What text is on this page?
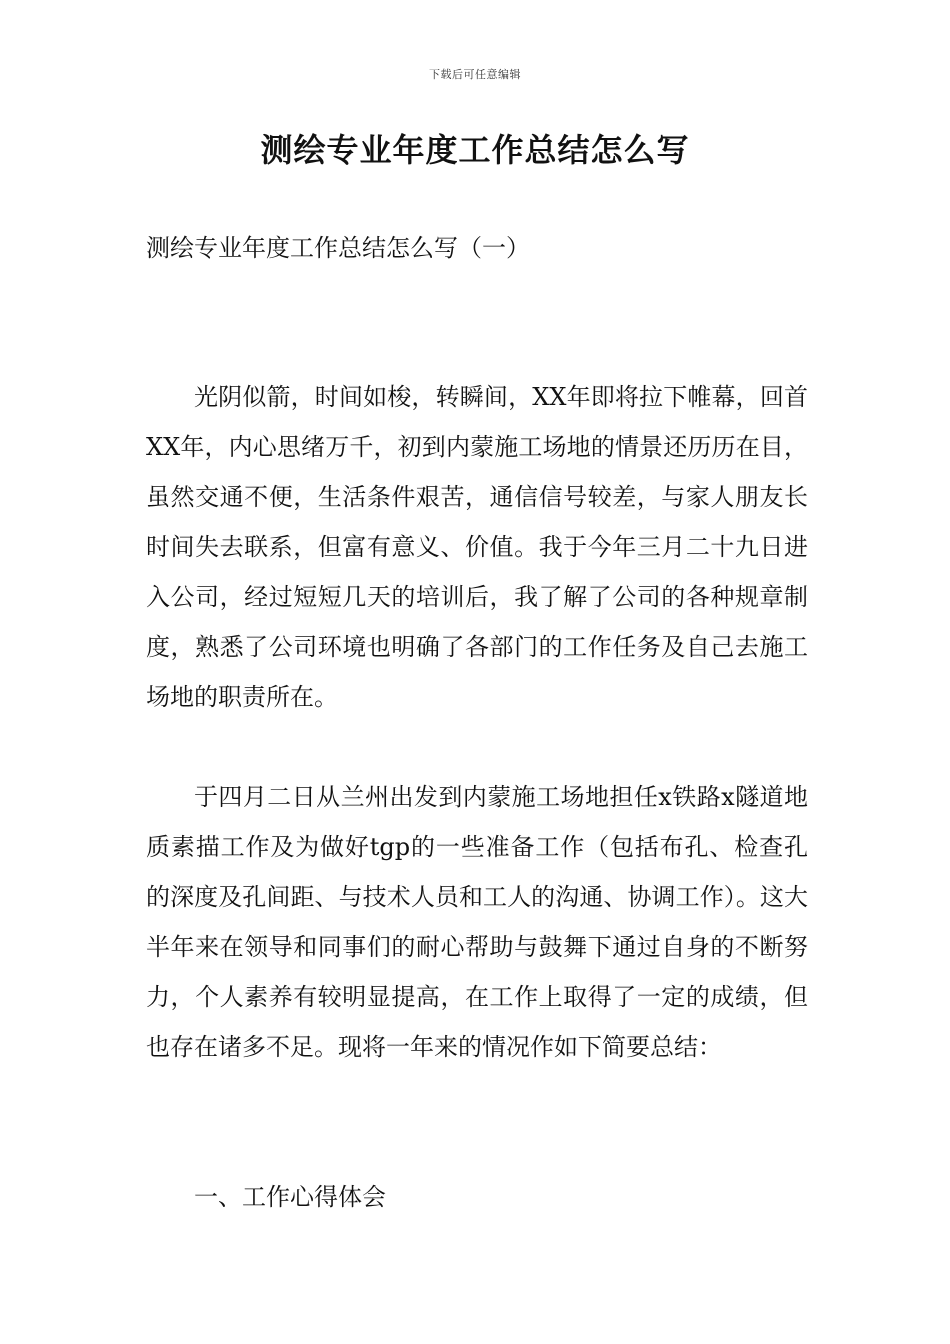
下载后可任意编辑
测绘专业年度工作总结怎么写
测绘专业年度工作总结怎么写（一）

光阴似箭，时间如梭，转瞬间，XX年即将拉下帷幕，回首XX年，内心思绪万千，初到内蒙施工场地的情景还历历在目，虽然交通不便，生活条件艰苦，通信信号较差，与家人朋友长时间失去联系，但富有意义、价值。我于今年三月二十九日进入公司，经过短短几天的培训后，我了解了公司的各种规章制度，熟悉了公司环境也明确了各部门的工作任务及自己去施工场地的职责所在。

于四月二日从兰州出发到内蒙施工场地担任x铁路x隧道地质素描工作及为做好tgp的一些准备工作（包括布孔、检查孔的深度及孔间距、与技术人员和工人的沟通、协调工作）。这大半年来在领导和同事们的耐心帮助与鼓舞下通过自身的不断努力，个人素养有较明显提高，在工作上取得了一定的成绩，但也存在诸多不足。现将一年来的情况作如下简要总结：

一、工作心得体会
